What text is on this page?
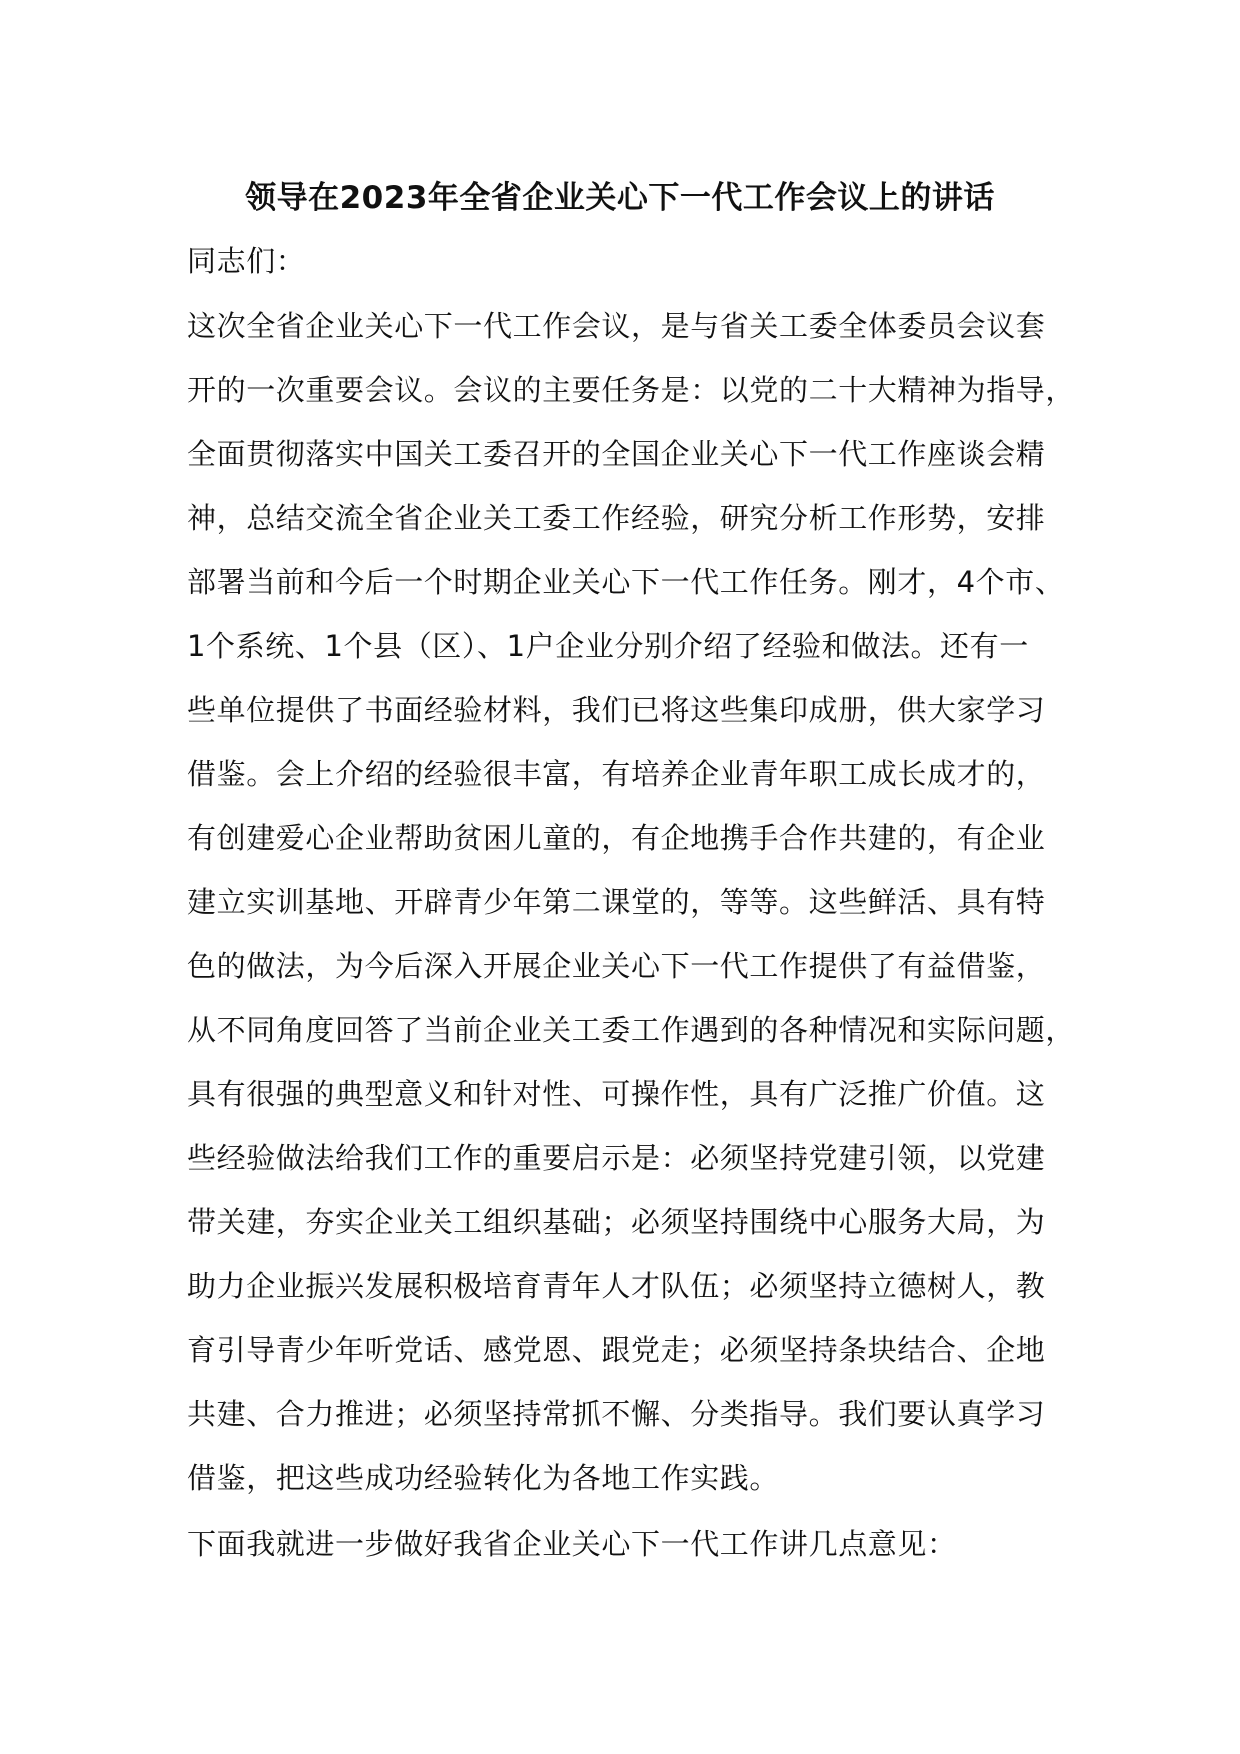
领导在2023年全省企业关心下一代工作会议上的讲话
同志们：
这次全省企业关心下一代工作会议，是与省关工委全体委员会议套
开的一次重要会议。会议的主要任务是：以党的二十大精神为指导，
全面贯彻落实中国关工委召开的全国企业关心下一代工作座谈会精
神，总结交流全省企业关工委工作经验，研究分析工作形势，安排
部署当前和今后一个时期企业关心下一代工作任务。刚才，4个市、
1个系统、1个县（区）、1户企业分别介绍了经验和做法。还有一
些单位提供了书面经验材料，我们已将这些集印成册，供大家学习
借鉴。会上介绍的经验很丰富，有培养企业青年职工成长成才的，
有创建爱心企业帮助贫困儿童的，有企地携手合作共建的，有企业
建立实训基地、开辟青少年第二课堂的，等等。这些鲜活、具有特
色的做法，为今后深入开展企业关心下一代工作提供了有益借鉴，
从不同角度回答了当前企业关工委工作遇到的各种情况和实际问题，
具有很强的典型意义和针对性、可操作性，具有广泛推广价值。这
些经验做法给我们工作的重要启示是：必须坚持党建引领，以党建
带关建，夯实企业关工组织基础；必须坚持围绕中心服务大局，为
助力企业振兴发展积极培育青年人才队伍；必须坚持立德树人，教
育引导青少年听党话、感党恩、跟党走；必须坚持条块结合、企地
共建、合力推进；必须坚持常抓不懈、分类指导。我们要认真学习
借鉴，把这些成功经验转化为各地工作实践。
下面我就进一步做好我省企业关心下一代工作讲几点意见：
